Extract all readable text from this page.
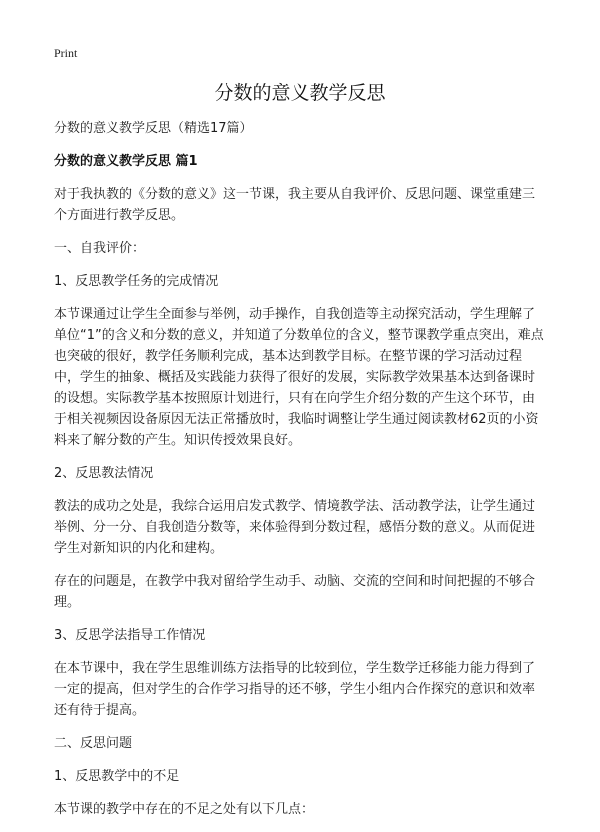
Print
分数的意义教学反思

分数的意义教学反思（精选17篇）

分数的意义教学反思 篇1

对于我执教的《分数的意义》这一节课，我主要从自我评价、反思问题、课堂重建三个方面进行教学反思。

一、自我评价：

1、反思教学任务的完成情况

本节课通过让学生全面参与举例，动手操作，自我创造等主动探究活动，学生理解了单位“1”的含义和分数的意义，并知道了分数单位的含义，整节课教学重点突出，难点也突破的很好，教学任务顺利完成，基本达到教学目标。在整节课的学习活动过程中，学生的抽象、概括及实践能力获得了很好的发展，实际教学效果基本达到备课时的设想。实际教学基本按照原计划进行，只有在向学生介绍分数的产生这个环节，由于相关视频因设备原因无法正常播放时，我临时调整让学生通过阅读教材62页的小资料来了解分数的产生。知识传授效果良好。

2、反思教法情况

教法的成功之处是，我综合运用启发式教学、情境教学法、活动教学法，让学生通过举例、分一分、自我创造分数等，来体验得到分数过程，感悟分数的意义。从而促进学生对新知识的内化和建构。

存在的问题是，在教学中我对留给学生动手、动脑、交流的空间和时间把握的不够合理。

3、反思学法指导工作情况

在本节课中，我在学生思维训练方法指导的比较到位，学生数学迁移能力能力得到了一定的提高，但对学生的合作学习指导的还不够，学生小组内合作探究的意识和效率还有待于提高。

二、反思问题

1、反思教学中的不足

本节课的教学中存在的不足之处有以下几点：
